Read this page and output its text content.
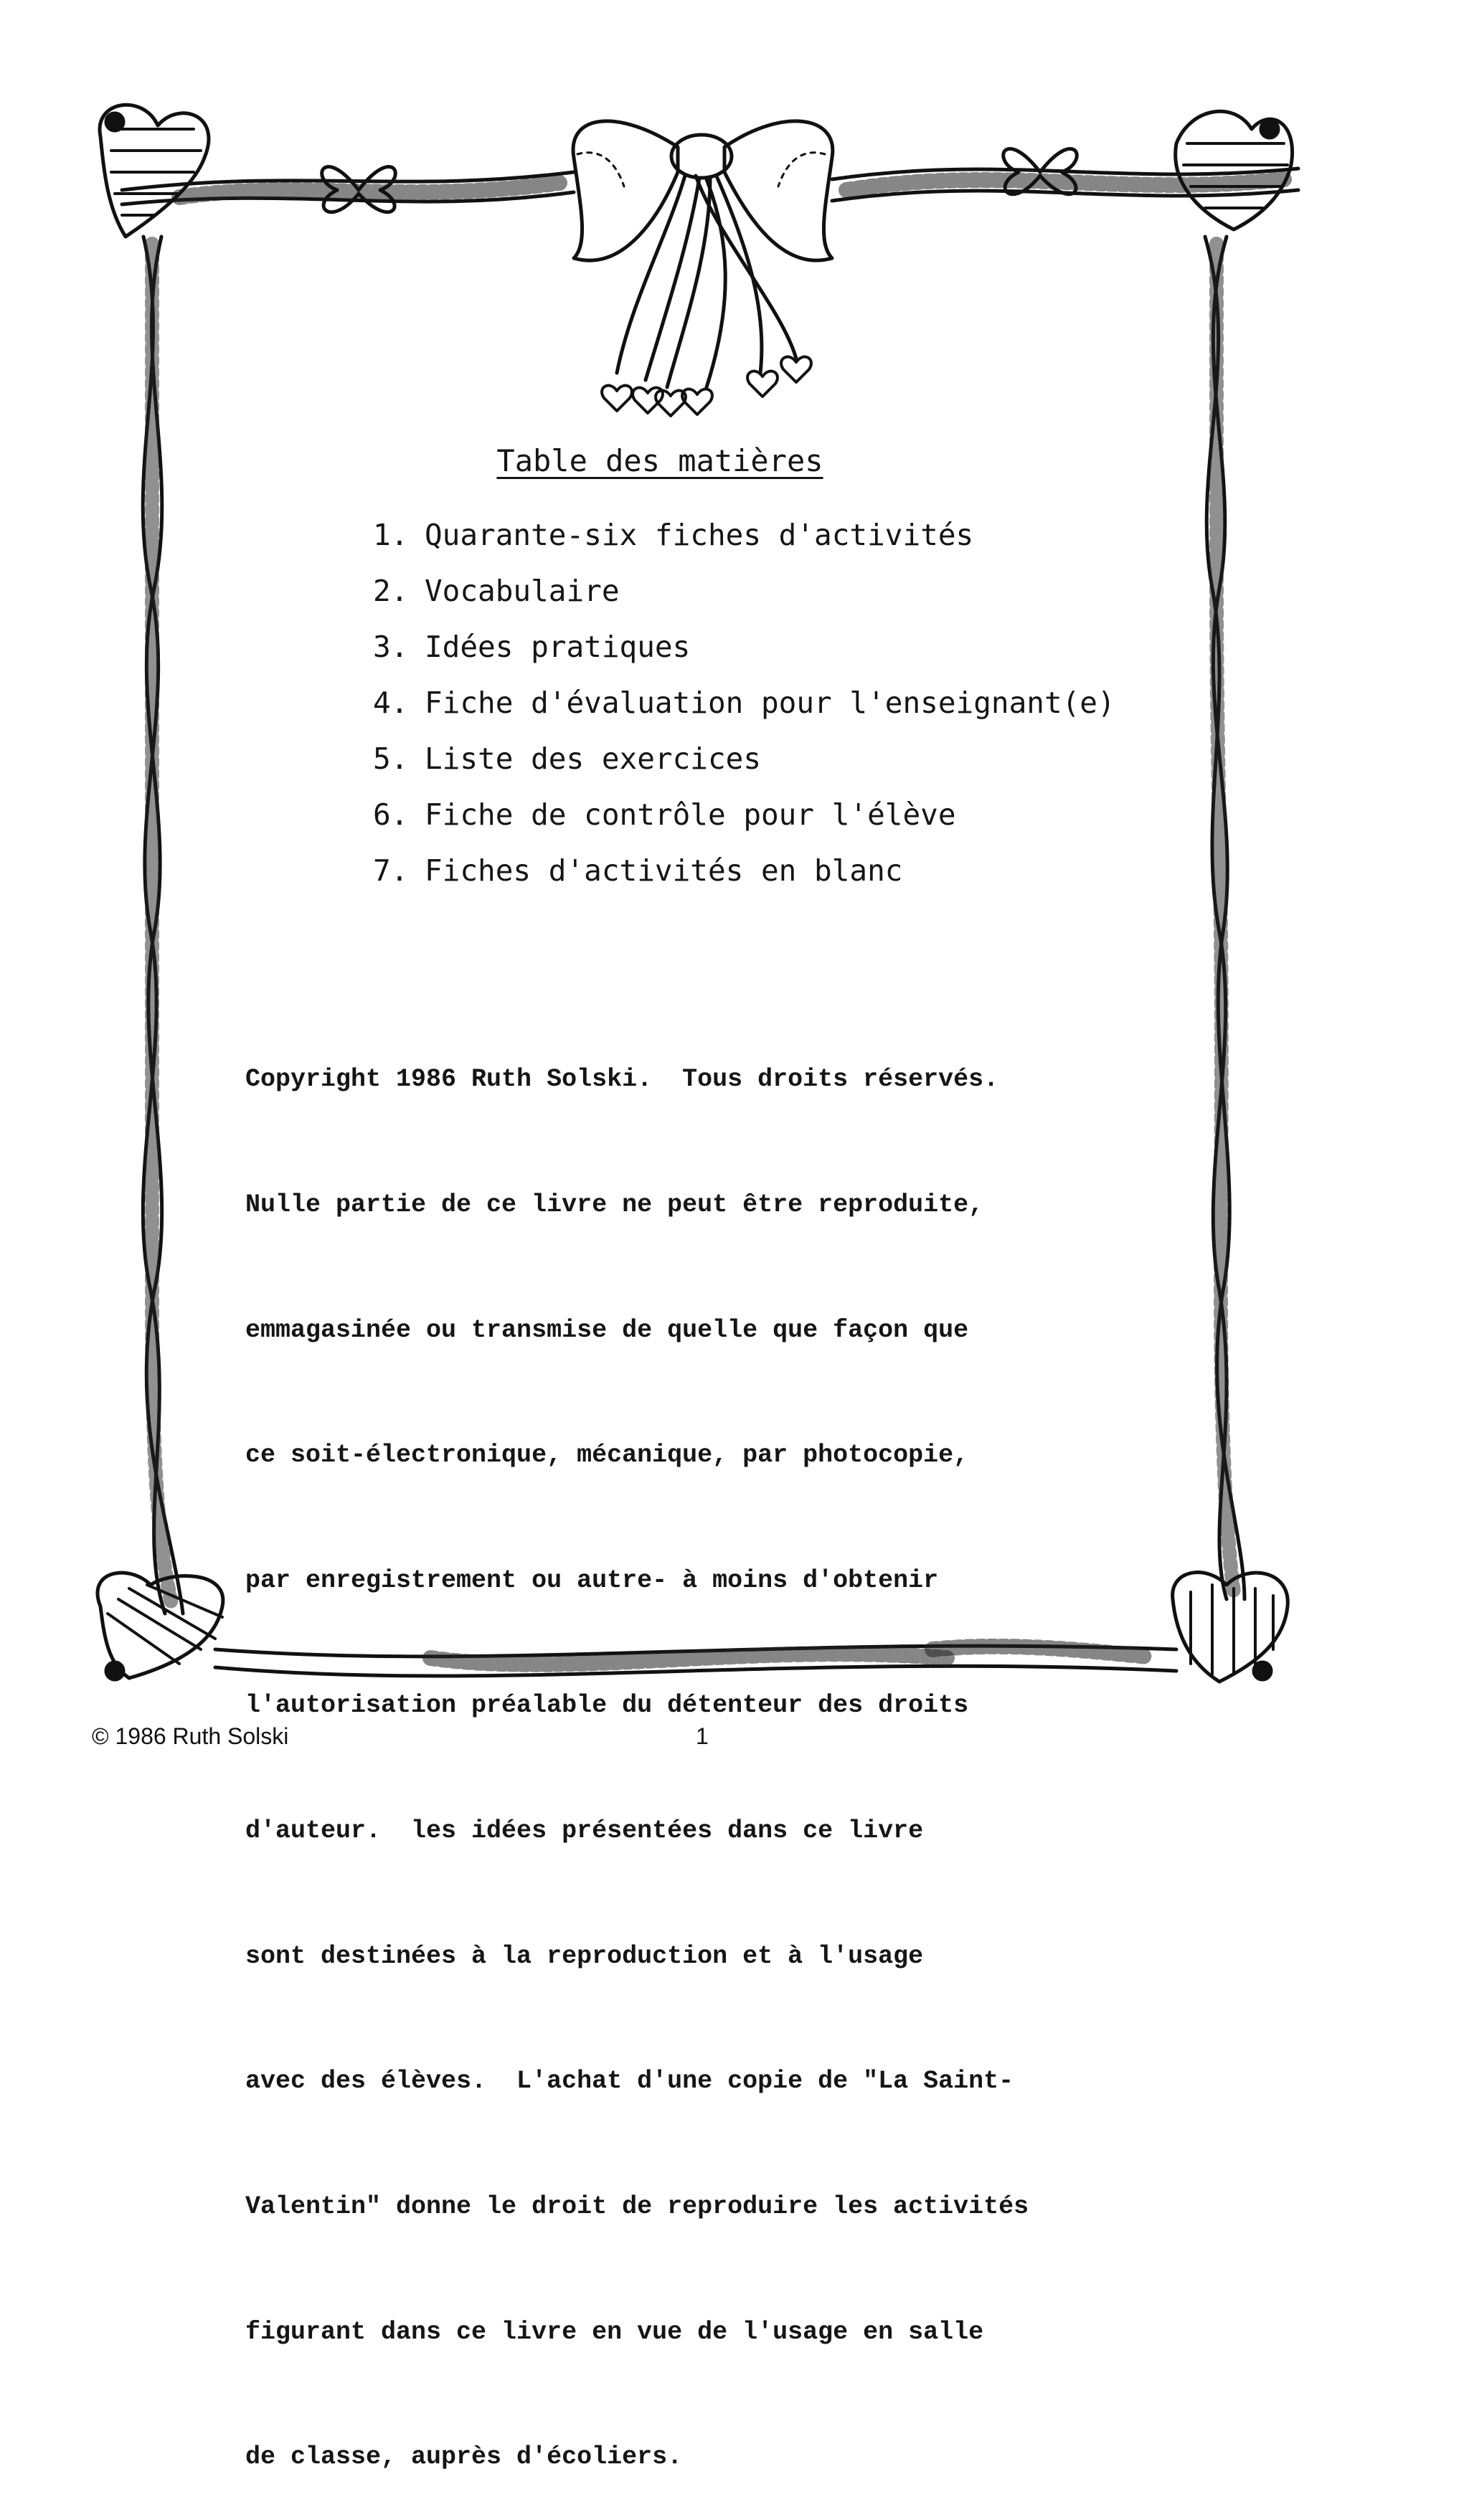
Table des matières
1. Quarante-six fiches d'activités
2. Vocabulaire
3. Idées pratiques
4. Fiche d'évaluation pour l'enseignant(e)
5. Liste des exercices
6. Fiche de contrôle pour l'élève
7. Fiches d'activités en blanc

Copyright 1986 Ruth Solski.  Tous droits réservés.

Nulle partie de ce livre ne peut être reproduite,

emmagasinée ou transmise de quelle que façon que

ce soit-électronique, mécanique, par photocopie,

par enregistrement ou autre- à moins d'obtenir

l'autorisation préalable du détenteur des droits

d'auteur.  les idées présentées dans ce livre

sont destinées à la reproduction et à l'usage

avec des élèves.  L'achat d'une copie de "La Saint-

Valentin" donne le droit de reproduire les activités

figurant dans ce livre en vue de l'usage en salle

de classe, auprès d'écoliers.

© 1986 Ruth Solski	1
